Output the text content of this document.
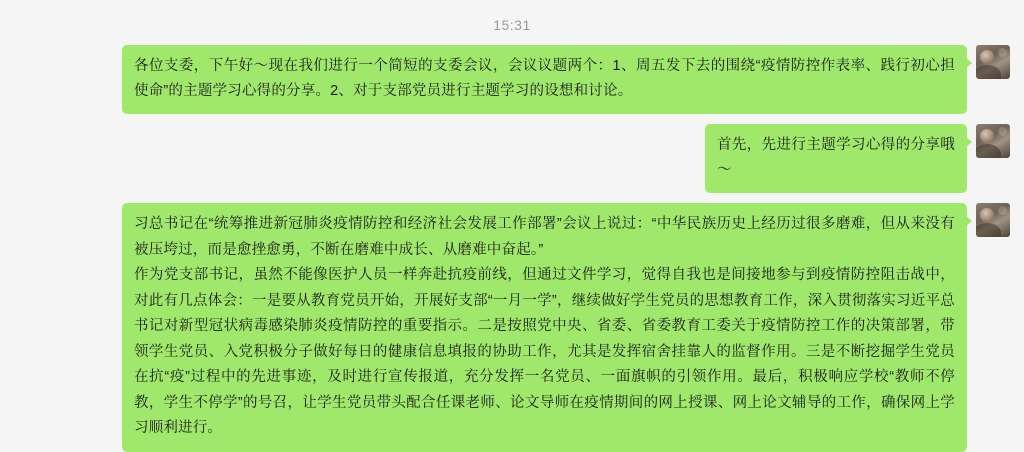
15:31

各位支委，下午好～现在我们进行一个简短的支委会议，会议议题两个：1、周五发下去的围绕“疫情防控作表率、践行初心担使命”的主题学习心得的分享。2、对于支部党员进行主题学习的设想和讨论。

首先，先进行主题学习心得的分享哦～

习总书记在“统筹推进新冠肺炎疫情防控和经济社会发展工作部署”会议上说过：“中华民族历史上经历过很多磨难，但从来没有被压垮过，而是愈挫愈勇，不断在磨难中成长、从磨难中奋起。”

作为党支部书记，虽然不能像医护人员一样奔赴抗疫前线，但通过文件学习，觉得自我也是间接地参与到疫情防控阻击战中，对此有几点体会：一是要从教育党员开始，开展好支部“一月一学”，继续做好学生党员的思想教育工作，深入贯彻落实习近平总书记对新型冠状病毒感染肺炎疫情防控的重要指示。二是按照党中央、省委、省委教育工委关于疫情防控工作的决策部署，带领学生党员、入党积极分子做好每日的健康信息填报的协助工作，尤其是发挥宿舍挂靠人的监督作用。三是不断挖掘学生党员在抗“疫”过程中的先进事迹，及时进行宣传报道，充分发挥一名党员、一面旗帜的引领作用。最后，积极响应学校“教师不停教，学生不停学”的号召，让学生党员带头配合任课老师、论文导师在疫情期间的网上授课、网上论文辅导的工作，确保网上学习顺利进行。
